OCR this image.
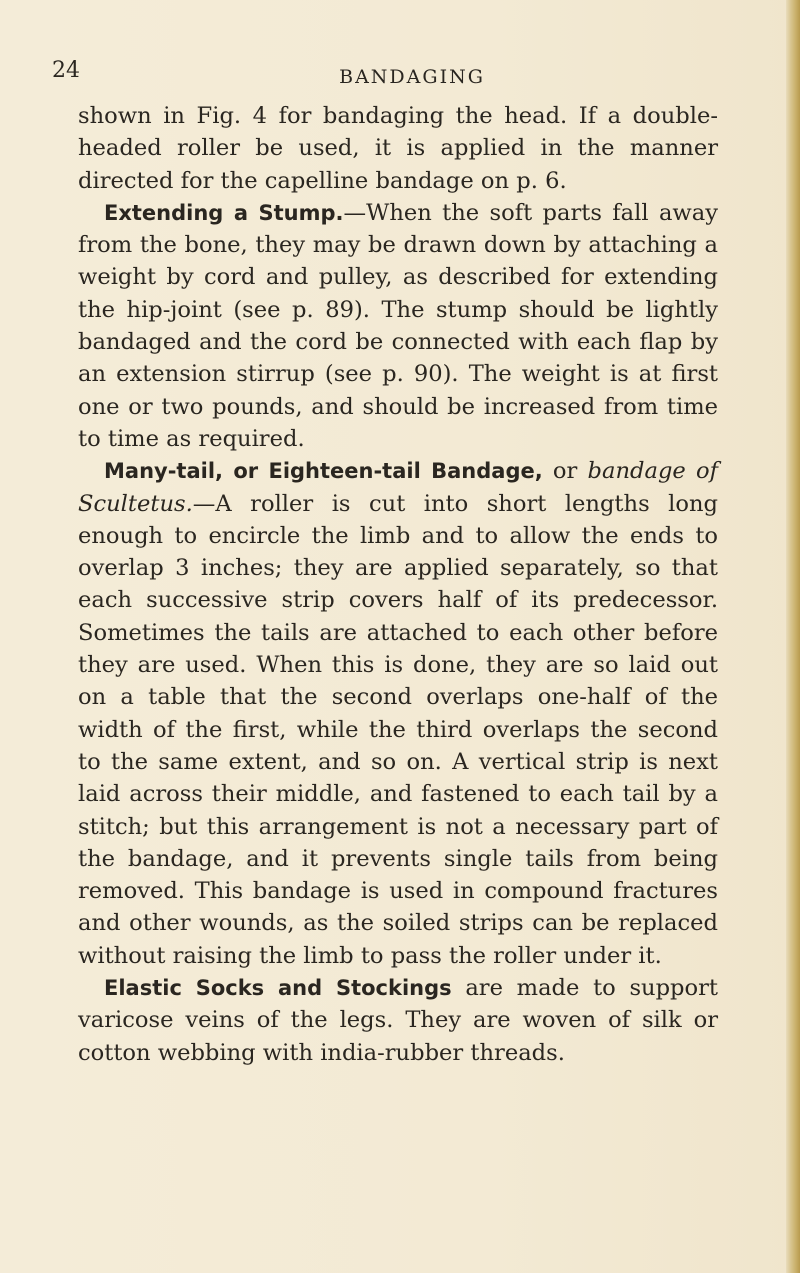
24	BANDAGING

shown in Fig. 4 for bandaging the head. If a double-headed roller be used, it is applied in the manner directed for the capelline bandage on p. 6.

Extending a Stump.—When the soft parts fall away from the bone, they may be drawn down by attaching a weight by cord and pulley, as described for extending the hip-joint (see p. 89). The stump should be lightly bandaged and the cord be connected with each flap by an extension stirrup (see p. 90). The weight is at first one or two pounds, and should be increased from time to time as required.

Many-tail, or Eighteen-tail Bandage, or bandage of Scultetus.—A roller is cut into short lengths long enough to encircle the limb and to allow the ends to overlap 3 inches; they are applied separately, so that each successive strip covers half of its predecessor. Sometimes the tails are attached to each other before they are used. When this is done, they are so laid out on a table that the second overlaps one-half of the width of the first, while the third overlaps the second to the same extent, and so on. A vertical strip is next laid across their middle, and fastened to each tail by a stitch; but this arrangement is not a necessary part of the bandage, and it prevents single tails from being removed. This bandage is used in compound fractures and other wounds, as the soiled strips can be replaced without raising the limb to pass the roller under it.

Elastic Socks and Stockings are made to support varicose veins of the legs. They are woven of silk or cotton webbing with india-rubber threads.
